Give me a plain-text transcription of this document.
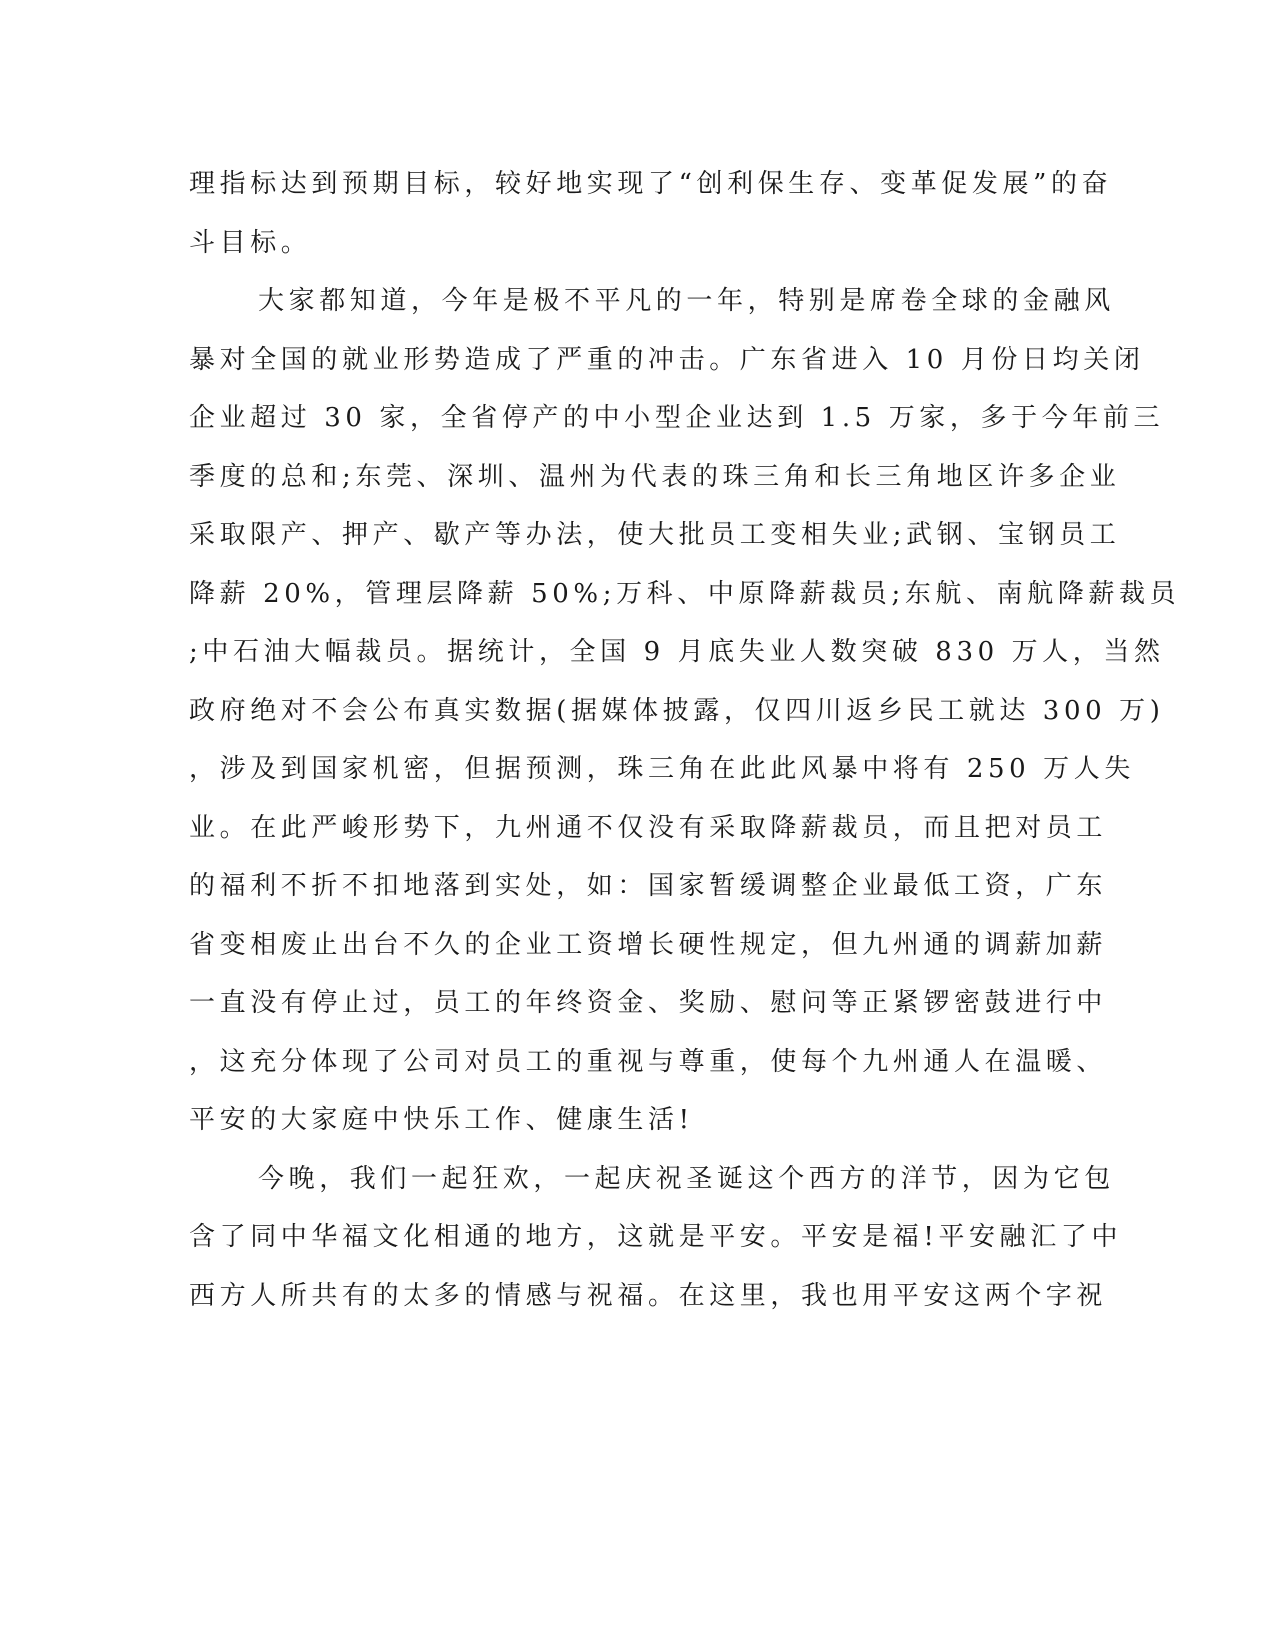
理指标达到预期目标，较好地实现了“创利保生存、变革促发展”的奋
斗目标。
大家都知道，今年是极不平凡的一年，特别是席卷全球的金融风
暴对全国的就业形势造成了严重的冲击。广东省进入 10 月份日均关闭
企业超过 30 家，全省停产的中小型企业达到 1.5 万家，多于今年前三
季度的总和;东莞、深圳、温州为代表的珠三角和长三角地区许多企业
采取限产、押产、歇产等办法，使大批员工变相失业;武钢、宝钢员工
降薪 20%，管理层降薪 50%;万科、中原降薪裁员;东航、南航降薪裁员
;中石油大幅裁员。据统计，全国 9 月底失业人数突破 830 万人，当然
政府绝对不会公布真实数据(据媒体披露，仅四川返乡民工就达 300 万)
，涉及到国家机密，但据预测，珠三角在此此风暴中将有 250 万人失
业。在此严峻形势下，九州通不仅没有采取降薪裁员，而且把对员工
的福利不折不扣地落到实处，如：国家暂缓调整企业最低工资，广东
省变相废止出台不久的企业工资增长硬性规定，但九州通的调薪加薪
一直没有停止过，员工的年终资金、奖励、慰问等正紧锣密鼓进行中
，这充分体现了公司对员工的重视与尊重，使每个九州通人在温暖、
平安的大家庭中快乐工作、健康生活!
今晚，我们一起狂欢，一起庆祝圣诞这个西方的洋节，因为它包
含了同中华福文化相通的地方，这就是平安。平安是福!平安融汇了中
西方人所共有的太多的情感与祝福。在这里，我也用平安这两个字祝
